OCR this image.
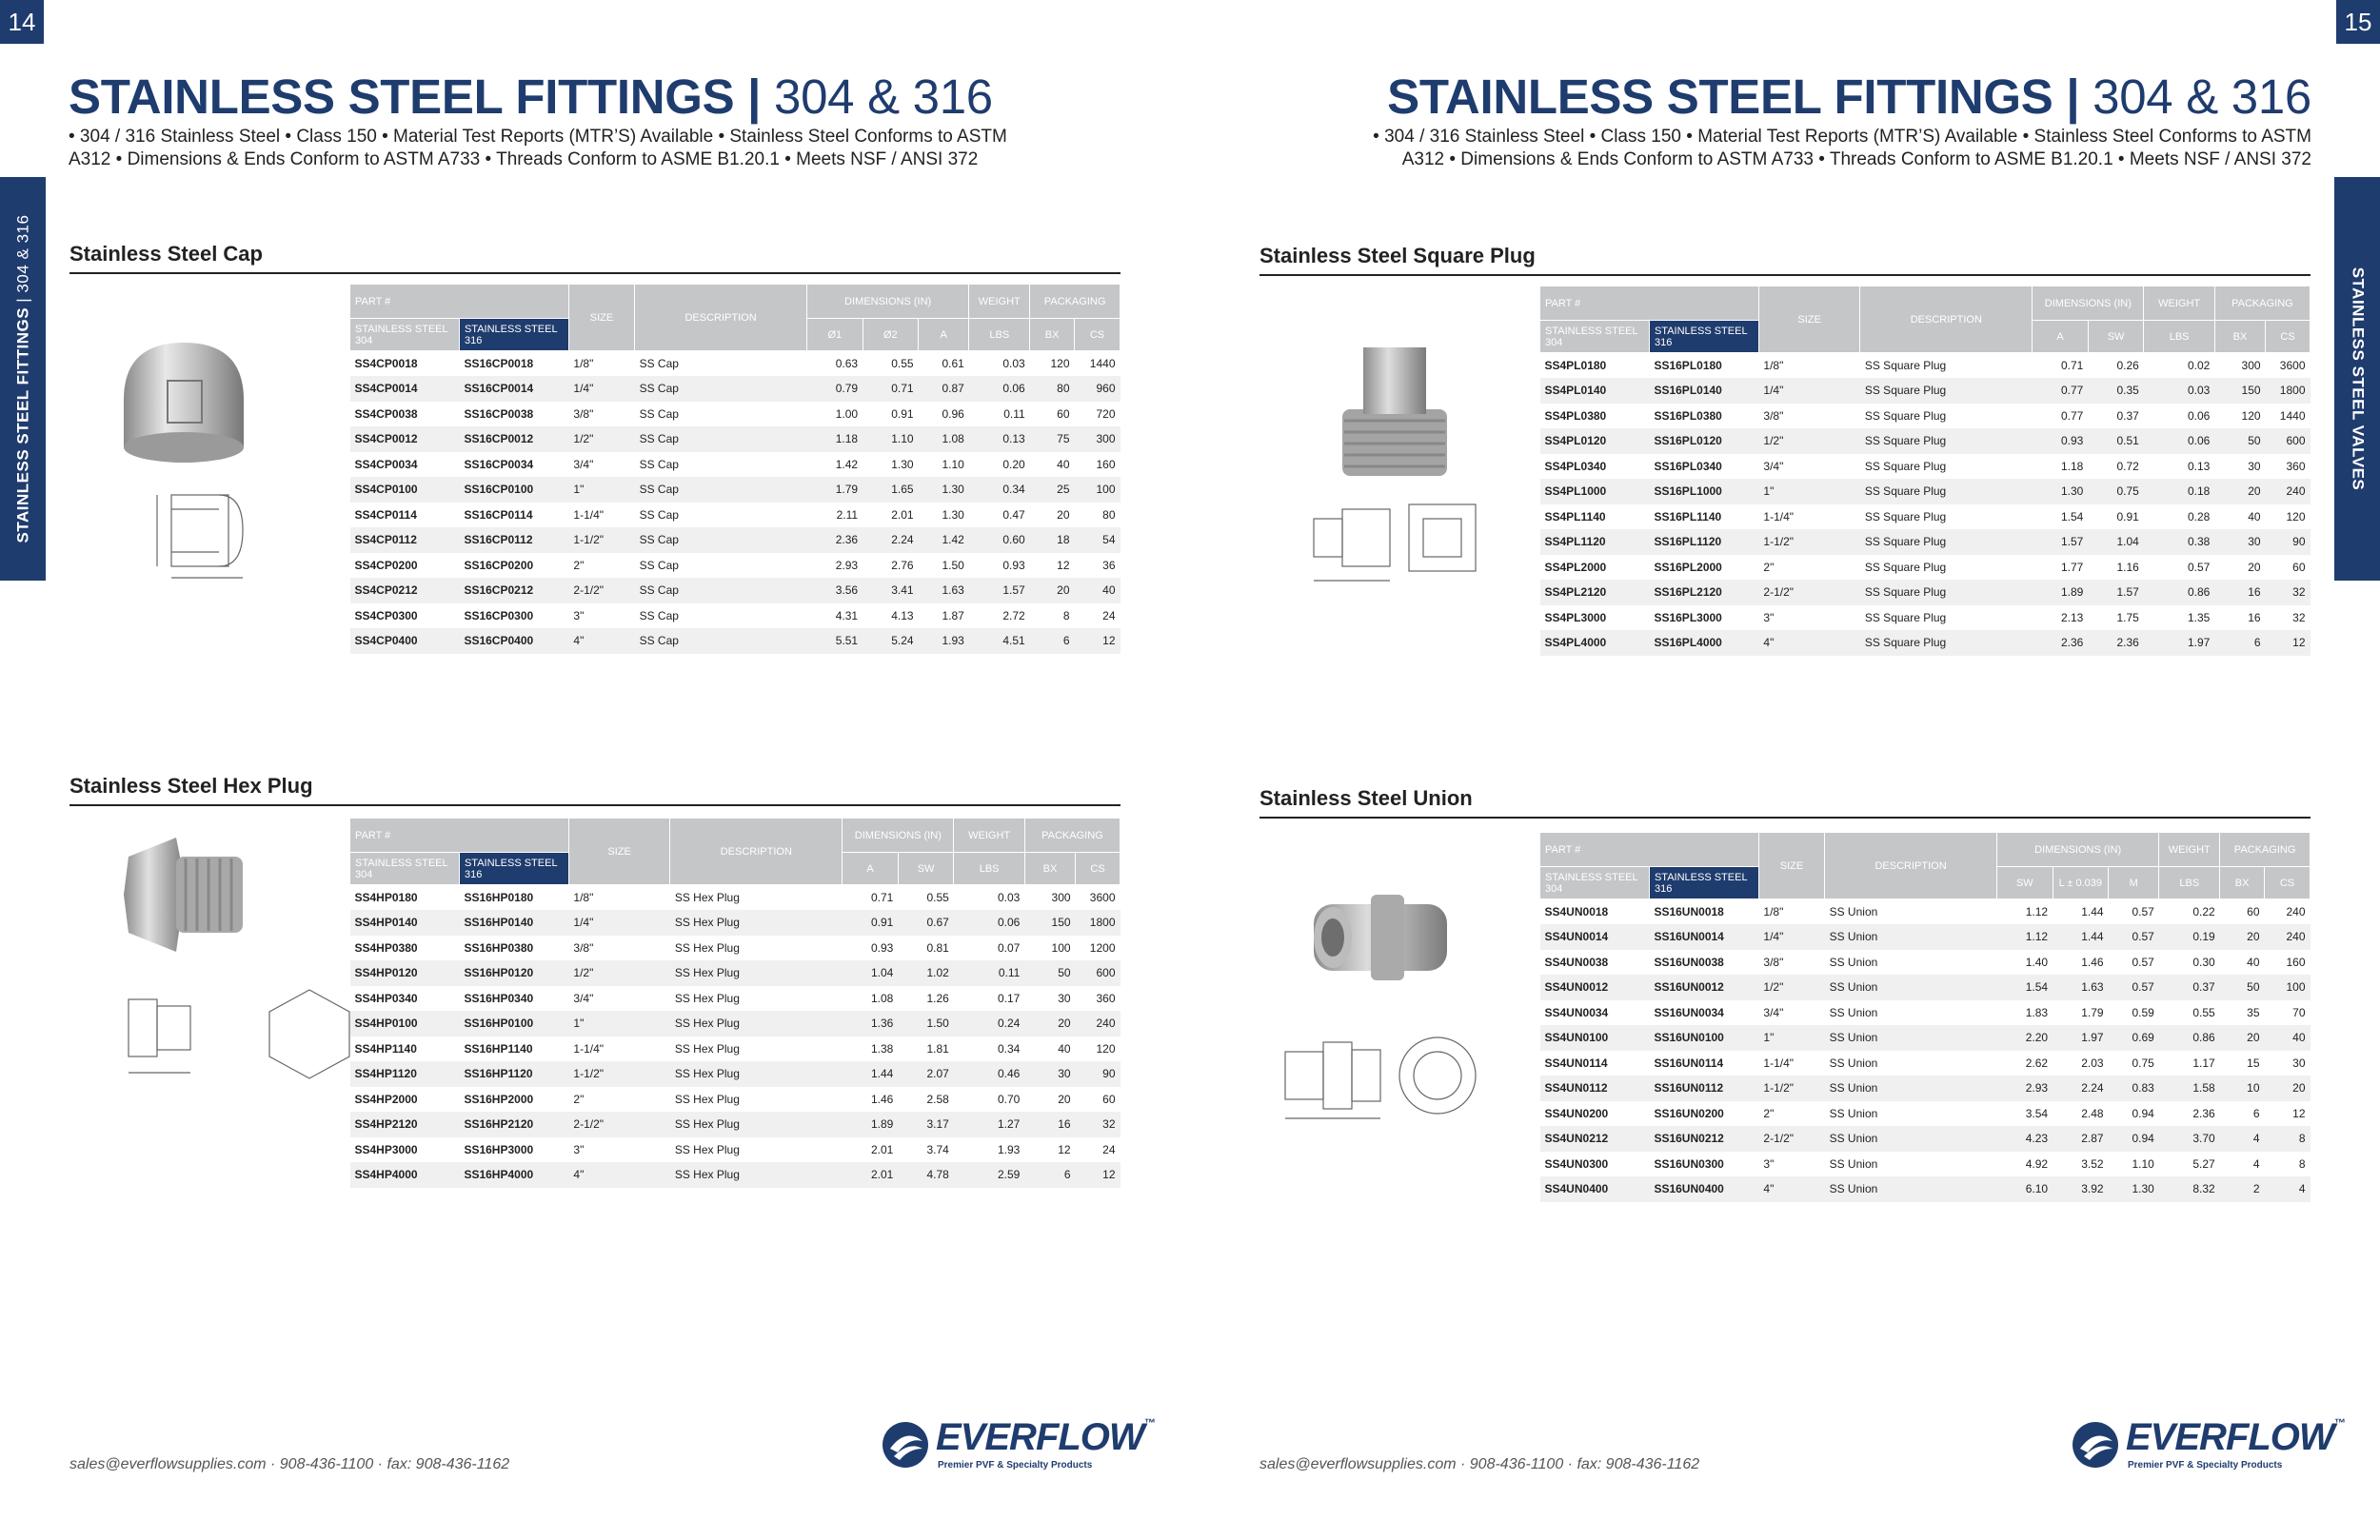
14	15
STAINLESS STEEL FITTINGS | 304 & 316
STAINLESS STEEL VALVES
STAINLESS STEEL FITTINGS | 304 & 316
• 304 / 316 Stainless Steel • Class 150 • Material Test Reports (MTR’S) Available • Stainless Steel Conforms to ASTM
A312 • Dimensions & Ends Conform to ASTM A733 • Threads Conform to ASME B1.20.1 • Meets NSF / ANSI 372
STAINLESS STEEL FITTINGS | 304 & 316
• 304 / 316 Stainless Steel • Class 150 • Material Test Reports (MTR’S) Available • Stainless Steel Conforms to ASTM
A312 • Dimensions & Ends Conform to ASTM A733 • Threads Conform to ASME B1.20.1 • Meets NSF / ANSI 372
Stainless Steel Cap
Stainless Steel Hex Plug
Stainless Steel Square Plug
Stainless Steel Union
PART #		SIZE	DESCRIPTION	DIMENSIONS (IN)			WEIGHT	PACKAGING	
STAINLESS STEEL 304	STAINLESS STEEL 316			Ø1	Ø2	A	LBS	BX	CS
SS4CP0018	SS16CP0018	1/8"	SS Cap	0.63	0.55	0.61	0.03	120	1440
SS4CP0014	SS16CP0014	1/4"	SS Cap	0.79	0.71	0.87	0.06	80	960
SS4CP0038	SS16CP0038	3/8"	SS Cap	1.00	0.91	0.96	0.11	60	720
SS4CP0012	SS16CP0012	1/2"	SS Cap	1.18	1.10	1.08	0.13	75	300
SS4CP0034	SS16CP0034	3/4"	SS Cap	1.42	1.30	1.10	0.20	40	160
SS4CP0100	SS16CP0100	1"	SS Cap	1.79	1.65	1.30	0.34	25	100
SS4CP0114	SS16CP0114	1-1/4"	SS Cap	2.11	2.01	1.30	0.47	20	80
SS4CP0112	SS16CP0112	1-1/2"	SS Cap	2.36	2.24	1.42	0.60	18	54
SS4CP0200	SS16CP0200	2"	SS Cap	2.93	2.76	1.50	0.93	12	36
SS4CP0212	SS16CP0212	2-1/2"	SS Cap	3.56	3.41	1.63	1.57	20	40
SS4CP0300	SS16CP0300	3"	SS Cap	4.31	4.13	1.87	2.72	8	24
SS4CP0400	SS16CP0400	4"	SS Cap	5.51	5.24	1.93	4.51	6	12
PART #		SIZE	DESCRIPTION	DIMENSIONS (IN)		WEIGHT	PACKAGING	
STAINLESS STEEL 304	STAINLESS STEEL 316			A	SW	LBS	BX	CS
SS4HP0180	SS16HP0180	1/8"	SS Hex Plug	0.71	0.55	0.03	300	3600
SS4HP0140	SS16HP0140	1/4"	SS Hex Plug	0.91	0.67	0.06	150	1800
SS4HP0380	SS16HP0380	3/8"	SS Hex Plug	0.93	0.81	0.07	100	1200
SS4HP0120	SS16HP0120	1/2"	SS Hex Plug	1.04	1.02	0.11	50	600
SS4HP0340	SS16HP0340	3/4"	SS Hex Plug	1.08	1.26	0.17	30	360
SS4HP0100	SS16HP0100	1"	SS Hex Plug	1.36	1.50	0.24	20	240
SS4HP1140	SS16HP1140	1-1/4"	SS Hex Plug	1.38	1.81	0.34	40	120
SS4HP1120	SS16HP1120	1-1/2"	SS Hex Plug	1.44	2.07	0.46	30	90
SS4HP2000	SS16HP2000	2"	SS Hex Plug	1.46	2.58	0.70	20	60
SS4HP2120	SS16HP2120	2-1/2"	SS Hex Plug	1.89	3.17	1.27	16	32
SS4HP3000	SS16HP3000	3"	SS Hex Plug	2.01	3.74	1.93	12	24
SS4HP4000	SS16HP4000	4"	SS Hex Plug	2.01	4.78	2.59	6	12
PART #		SIZE	DESCRIPTION	DIMENSIONS (IN)		WEIGHT	PACKAGING	
STAINLESS STEEL 304	STAINLESS STEEL 316			A	SW	LBS	BX	CS
SS4PL0180	SS16PL0180	1/8"	SS Square Plug	0.71	0.26	0.02	300	3600
SS4PL0140	SS16PL0140	1/4"	SS Square Plug	0.77	0.35	0.03	150	1800
SS4PL0380	SS16PL0380	3/8"	SS Square Plug	0.77	0.37	0.06	120	1440
SS4PL0120	SS16PL0120	1/2"	SS Square Plug	0.93	0.51	0.06	50	600
SS4PL0340	SS16PL0340	3/4"	SS Square Plug	1.18	0.72	0.13	30	360
SS4PL1000	SS16PL1000	1"	SS Square Plug	1.30	0.75	0.18	20	240
SS4PL1140	SS16PL1140	1-1/4"	SS Square Plug	1.54	0.91	0.28	40	120
SS4PL1120	SS16PL1120	1-1/2"	SS Square Plug	1.57	1.04	0.38	30	90
SS4PL2000	SS16PL2000	2"	SS Square Plug	1.77	1.16	0.57	20	60
SS4PL2120	SS16PL2120	2-1/2"	SS Square Plug	1.89	1.57	0.86	16	32
SS4PL3000	SS16PL3000	3"	SS Square Plug	2.13	1.75	1.35	16	32
SS4PL4000	SS16PL4000	4"	SS Square Plug	2.36	2.36	1.97	6	12
PART #		SIZE	DESCRIPTION	DIMENSIONS (IN)			WEIGHT	PACKAGING	
STAINLESS STEEL 304	STAINLESS STEEL 316			SW	L ± 0.039	M	LBS	BX	CS
SS4UN0018	SS16UN0018	1/8"	SS Union	1.12	1.44	0.57	0.22	60	240
SS4UN0014	SS16UN0014	1/4"	SS Union	1.12	1.44	0.57	0.19	20	240
SS4UN0038	SS16UN0038	3/8"	SS Union	1.40	1.46	0.57	0.30	40	160
SS4UN0012	SS16UN0012	1/2"	SS Union	1.54	1.63	0.57	0.37	50	100
SS4UN0034	SS16UN0034	3/4"	SS Union	1.83	1.79	0.59	0.55	35	70
SS4UN0100	SS16UN0100	1"	SS Union	2.20	1.97	0.69	0.86	20	40
SS4UN0114	SS16UN0114	1-1/4"	SS Union	2.62	2.03	0.75	1.17	15	30
SS4UN0112	SS16UN0112	1-1/2"	SS Union	2.93	2.24	0.83	1.58	10	20
SS4UN0200	SS16UN0200	2"	SS Union	3.54	2.48	0.94	2.36	6	12
SS4UN0212	SS16UN0212	2-1/2"	SS Union	4.23	2.87	0.94	3.70	4	8
SS4UN0300	SS16UN0300	3"	SS Union	4.92	3.52	1.10	5.27	4	8
SS4UN0400	SS16UN0400	4"	SS Union	6.10	3.92	1.30	8.32	2	4
sales@everflowsupplies.com · 908-436-1100 · fax: 908-436-1162	sales@everflowsupplies.com · 908-436-1100 · fax: 908-436-1162
EVERFLOW™
Premier PVF & Specialty Products
EVERFLOW™
Premier PVF & Specialty Products
